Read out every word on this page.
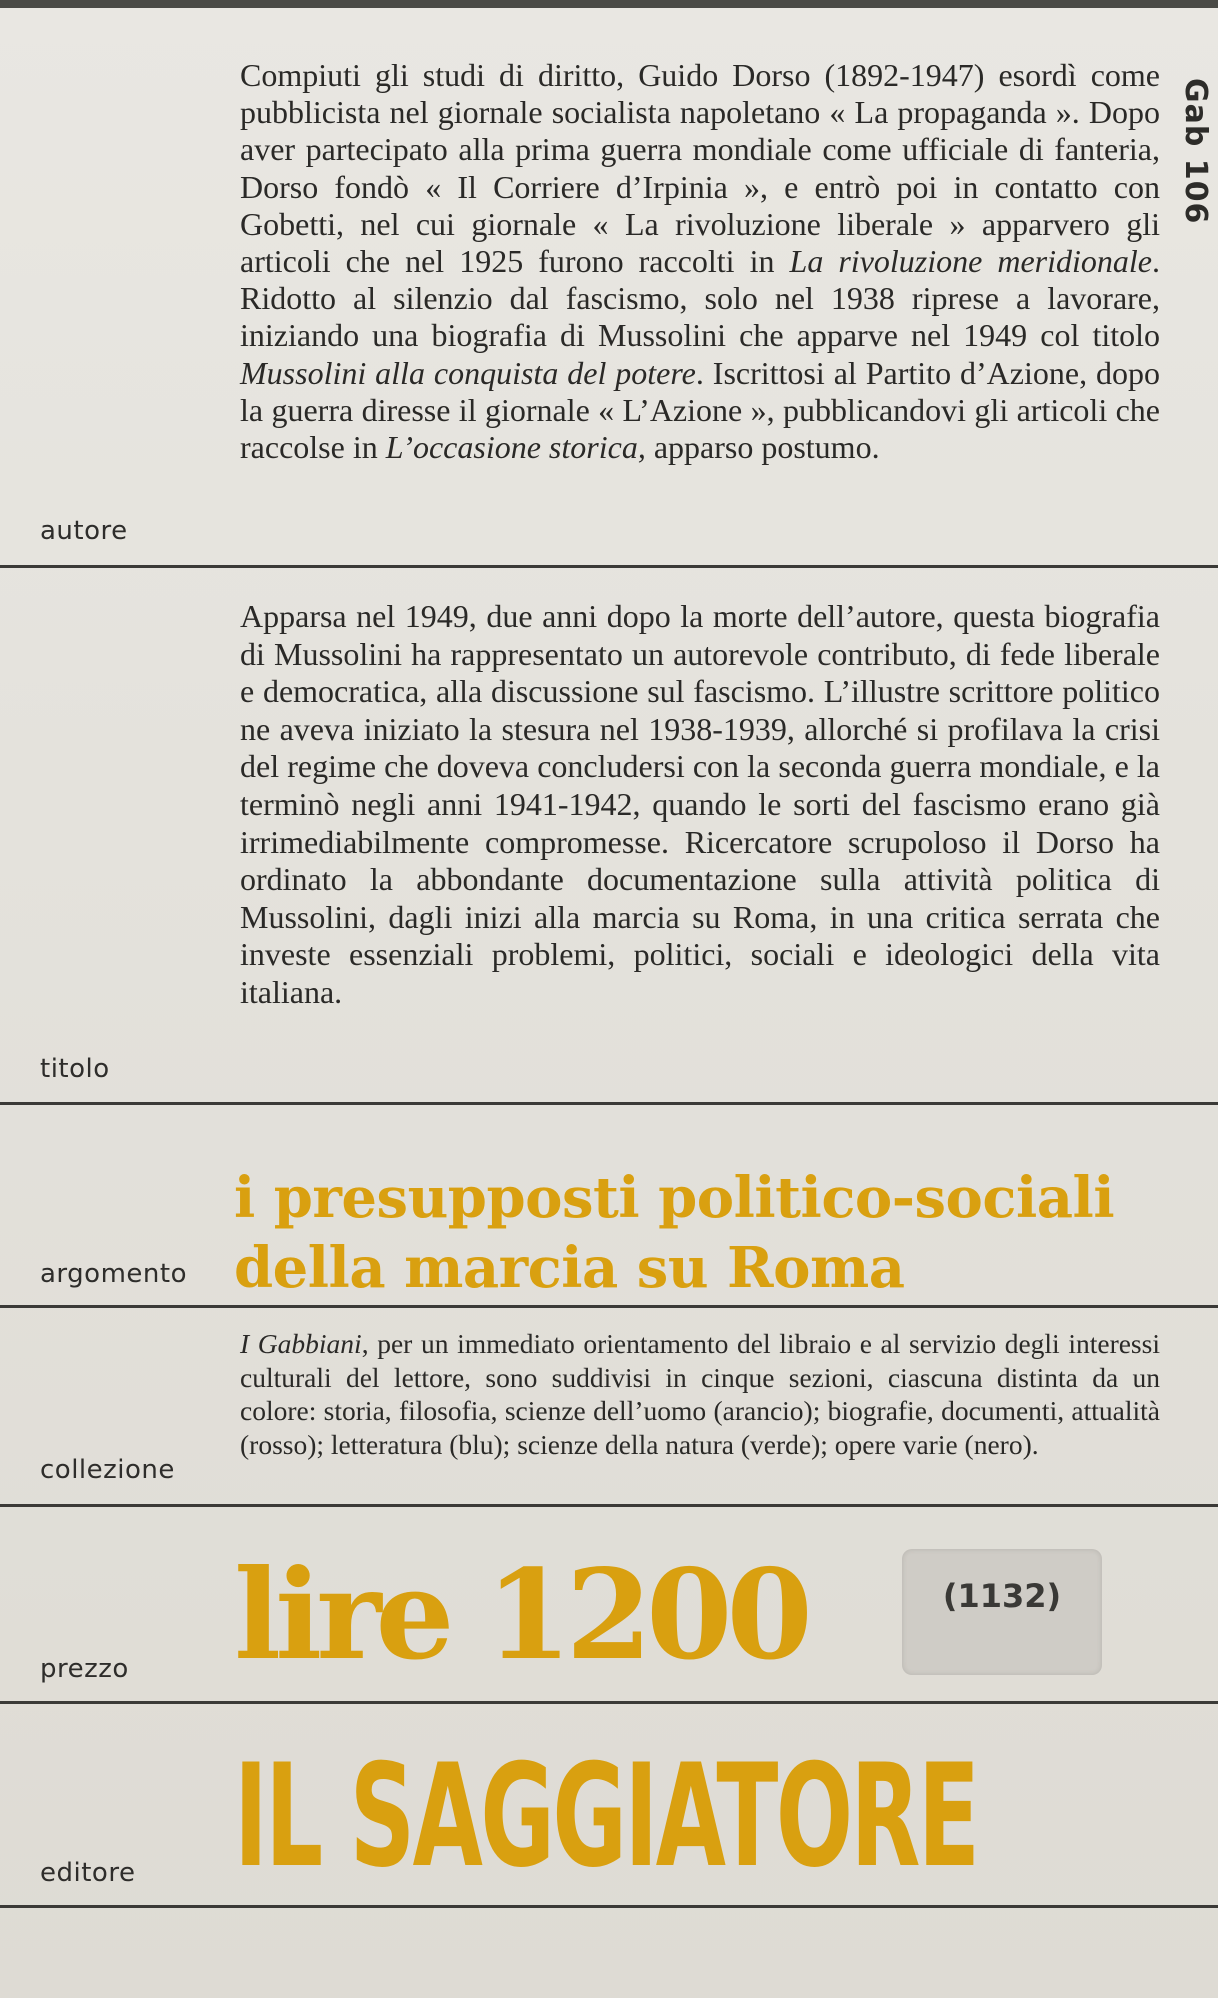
Gab 106
Compiuti gli studi di diritto, Guido Dorso (1892-1947) esordì come pubblicista nel giornale socialista napoletano « La propaganda ». Dopo aver partecipato alla prima guerra mondiale come ufficiale di fanteria, Dorso fondò « Il Corriere d’Irpinia », e entrò poi in contatto con Gobetti, nel cui giornale « La rivoluzione liberale » apparvero gli articoli che nel 1925 furono raccolti in La rivoluzione meridionale. Ridotto al silenzio dal fascismo, solo nel 1938 riprese a lavorare, iniziando una biografia di Mussolini che apparve nel 1949 col titolo Mussolini alla conquista del potere. Iscrittosi al Partito d’Azione, dopo la guerra diresse il giornale « L’Azione », pubblicandovi gli articoli che raccolse in L’occasione storica, apparso postumo.
autore
Apparsa nel 1949, due anni dopo la morte dell’autore, questa biografia di Mussolini ha rappresentato un autorevole contributo, di fede liberale e democratica, alla discussione sul fascismo. L’illustre scrittore politico ne aveva iniziato la stesura nel 1938-1939, allorché si profilava la crisi del regime che doveva concludersi con la seconda guerra mondiale, e la terminò negli anni 1941-1942, quando le sorti del fascismo erano già irrimediabilmente compromesse. Ricercatore scrupoloso il Dorso ha ordinato la abbondante documentazione sulla attività politica di Mussolini, dagli inizi alla marcia su Roma, in una critica serrata che investe essenziali problemi, politici, sociali e ideologici della vita italiana.
titolo
i presupposti politico-sociali
della marcia su Roma
argomento
I Gabbiani, per un immediato orientamento del libraio e al servizio degli interessi culturali del lettore, sono suddivisi in cinque sezioni, ciascuna distinta da un colore: storia, filosofia, scienze dell’uomo (arancio); biografie, documenti, attualità (rosso); letteratura (blu); scienze della natura (verde); opere varie (nero).
collezione
lire 1200	(1132)
prezzo
IL SAGGIATORE
editore
